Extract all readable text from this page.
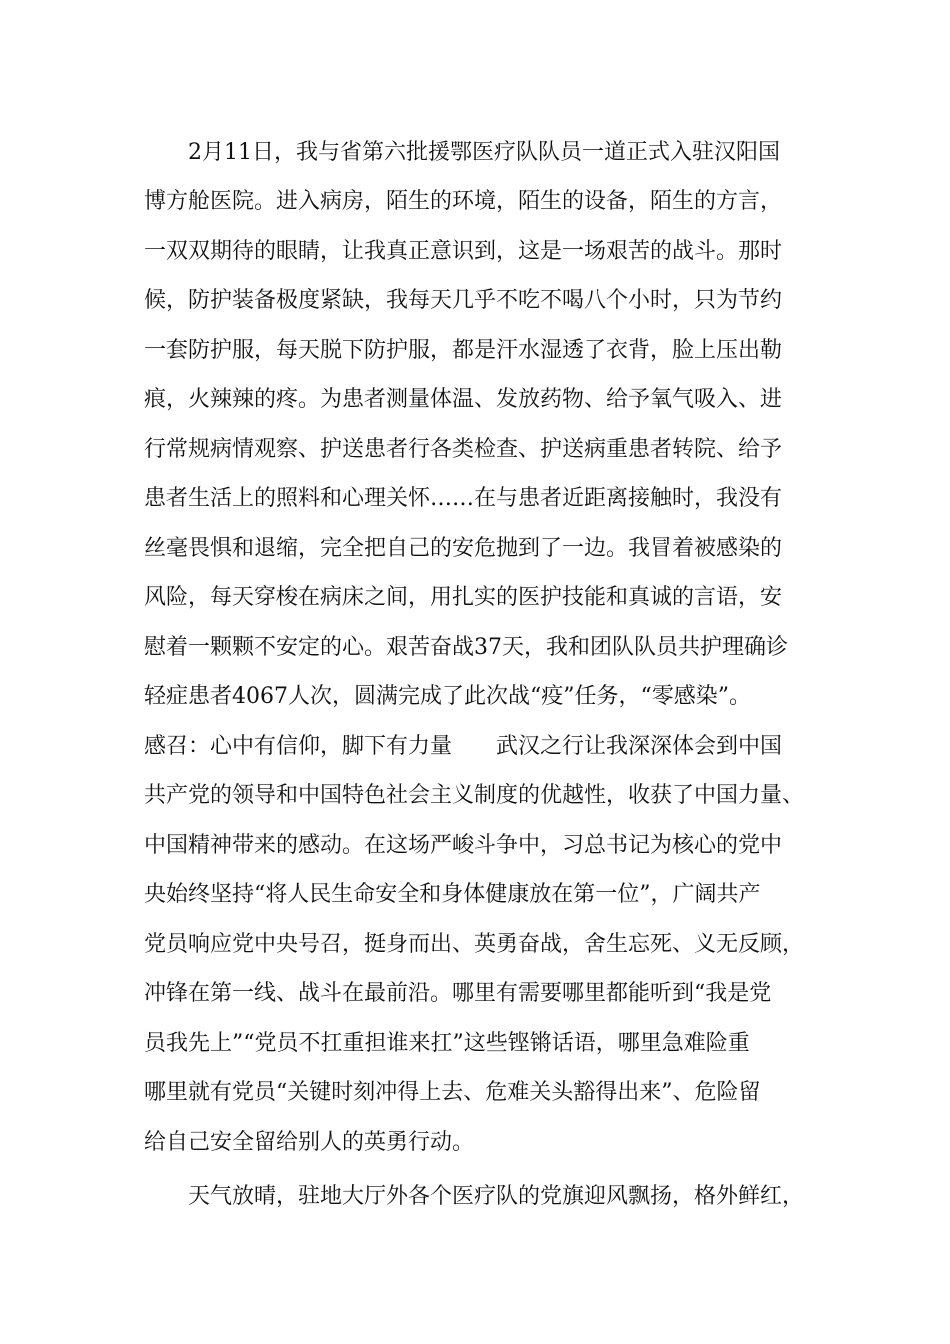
2月11日，我与省第六批援鄂医疗队队员一道正式入驻汉阳国
博方舱医院。进入病房，陌生的环境，陌生的设备，陌生的方言，
一双双期待的眼睛，让我真正意识到，这是一场艰苦的战斗。那时
候，防护装备极度紧缺，我每天几乎不吃不喝八个小时，只为节约
一套防护服，每天脱下防护服，都是汗水湿透了衣背，脸上压出勒
痕，火辣辣的疼。为患者测量体温、发放药物、给予氧气吸入、进
行常规病情观察、护送患者行各类检查、护送病重患者转院、给予
患者生活上的照料和心理关怀……在与患者近距离接触时，我没有
丝毫畏惧和退缩，完全把自己的安危抛到了一边。我冒着被感染的
风险，每天穿梭在病床之间，用扎实的医护技能和真诚的言语，安
慰着一颗颗不安定的心。艰苦奋战37天，我和团队队员共护理确诊
轻症患者4067人次，圆满完成了此次战“疫”任务，“零感染”。
感召：心中有信仰，脚下有力量　　武汉之行让我深深体会到中国
共产党的领导和中国特色社会主义制度的优越性，收获了中国力量、
中国精神带来的感动。在这场严峻斗争中，习总书记为核心的党中
央始终坚持“将人民生命安全和身体健康放在第一位”，广阔共产
党员响应党中央号召，挺身而出、英勇奋战，舍生忘死、义无反顾，
冲锋在第一线、战斗在最前沿。哪里有需要哪里都能听到“我是党
员我先上”“党员不扛重担谁来扛”这些铿锵话语，哪里急难险重
哪里就有党员“关键时刻冲得上去、危难关头豁得出来”、危险留
给自己安全留给别人的英勇行动。
天气放晴，驻地大厅外各个医疗队的党旗迎风飘扬，格外鲜红，
